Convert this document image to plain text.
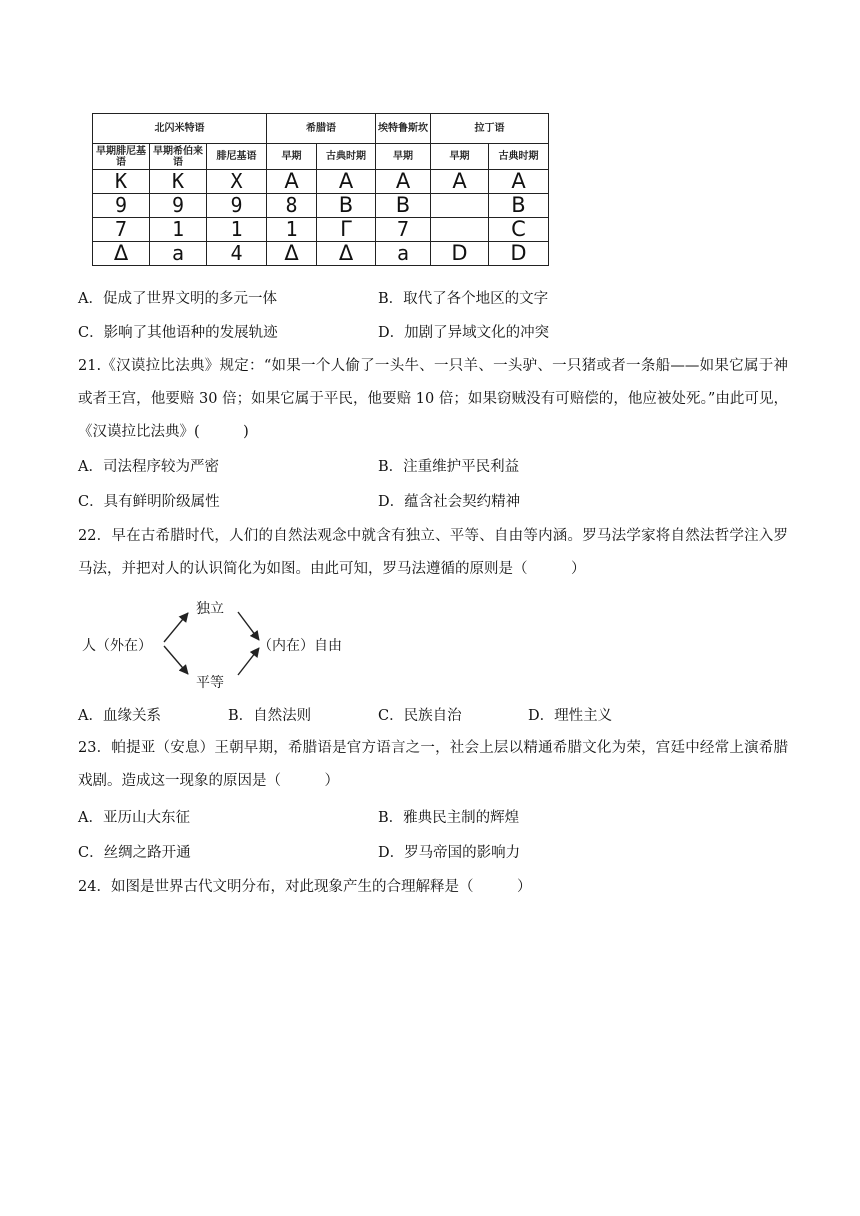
北闪米特语			希腊语		埃特鲁斯坎	拉丁语	
早期腓尼基语	早期希伯来语	腓尼基语	早期	古典时期	早期	早期	古典时期
K	K	X	A	A	A	A	A
9	9	9	8	B	B		B
7	1	1	1	Γ	7		C
Δ	a	4	Δ	Δ	a	D	D
A．促成了世界文明的多元一体	B．取代了各个地区的文字
C．影响了其他语种的发展轨迹	D．加剧了异域文化的冲突
21.《汉谟拉比法典》规定：“如果一个人偷了一头牛、一只羊、一头驴、一只猪或者一条船——如果它属于神或者王宫，他要赔 30 倍；如果它属于平民，他要赔 10 倍；如果窃贼没有可赔偿的，他应被处死。”由此可见，《汉谟拉比法典》(　　　)
A．司法程序较为严密	B．注重维护平民利益
C．具有鲜明阶级属性	D．蕴含社会契约精神
22．早在古希腊时代，人们的自然法观念中就含有独立、平等、自由等内涵。罗马法学家将自然法哲学注入罗马法，并把对人的认识简化为如图。由此可知，罗马法遵循的原则是（　　　）
人（外在）
独立
平等
（内在）自由
A．血缘关系	B．自然法则	C．民族自治	D．理性主义
23．帕提亚（安息）王朝早期，希腊语是官方语言之一，社会上层以精通希腊文化为荣，宫廷中经常上演希腊戏剧。造成这一现象的原因是（　　　）
A．亚历山大东征	B．雅典民主制的辉煌
C．丝绸之路开通	D．罗马帝国的影响力
24．如图是世界古代文明分布，对此现象产生的合理解释是（　　　）
